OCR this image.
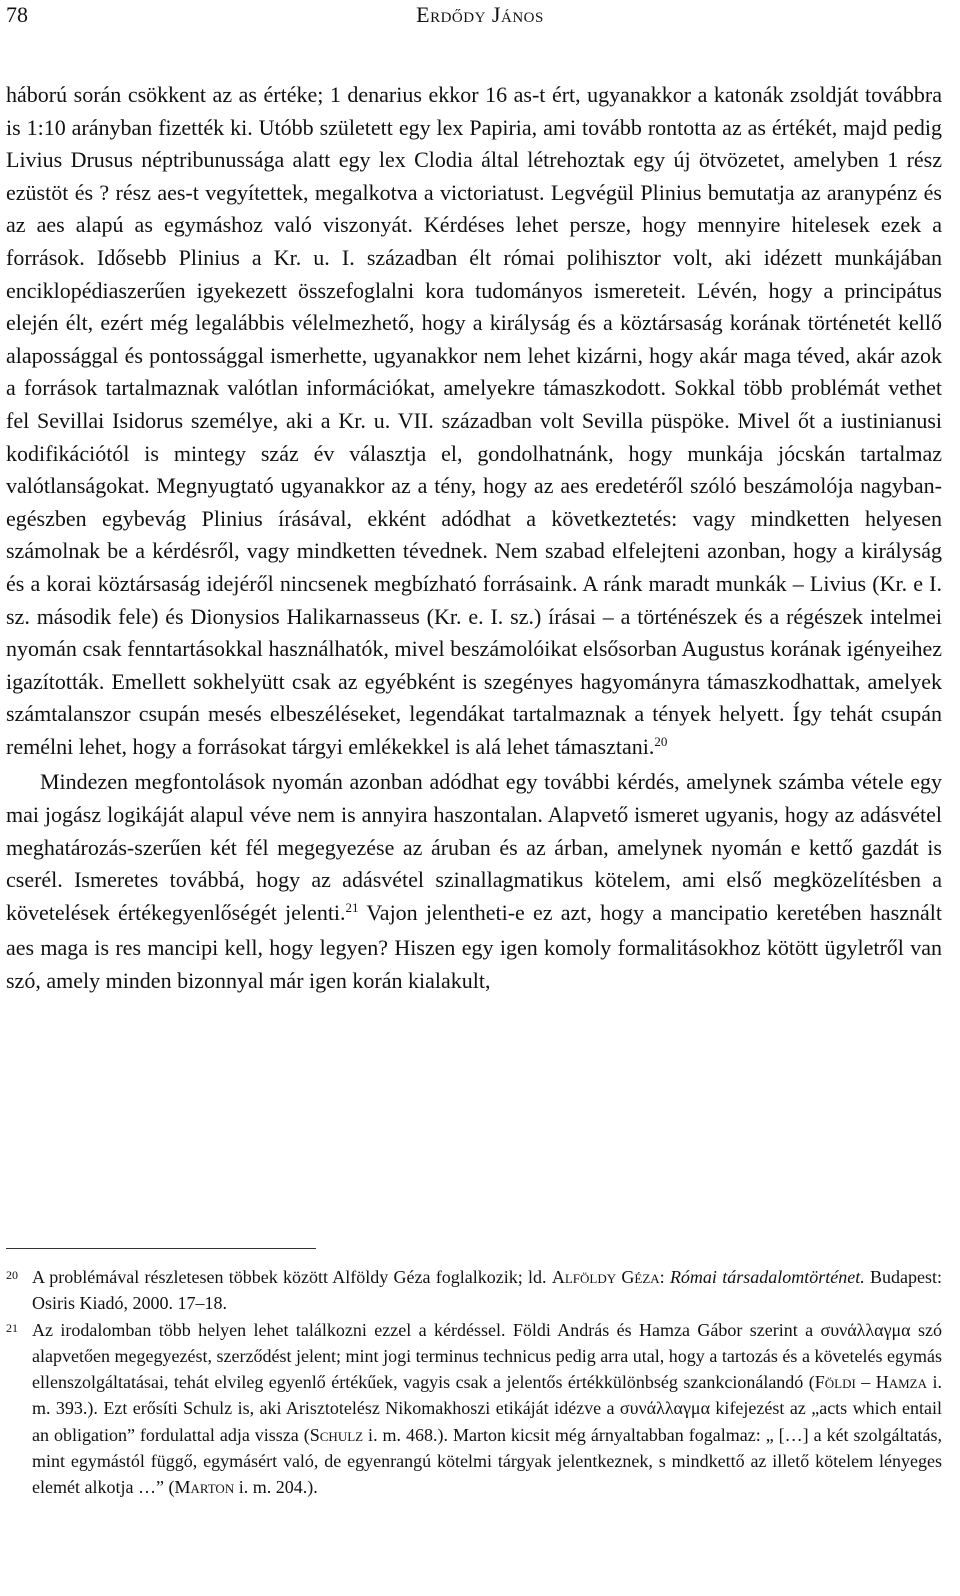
78	Erdődy János

háború során csökkent az as értéke; 1 denarius ekkor 16 as-t ért, ugyanakkor a katonák zsoldját továbbra is 1:10 arányban fizették ki. Utóbb született egy lex Papiria, ami tovább rontotta az as értékét, majd pedig Livius Drusus néptribunussága alatt egy lex Clodia által létrehoztak egy új ötvözetet, amelyben 1 rész ezüstöt és ? rész aes-t vegyítettek, megalkotva a victoriatust. Legvégül Plinius bemutatja az aranypénz és az aes alapú as egymáshoz való viszonyát. Kérdéses lehet persze, hogy mennyire hitelesek ezek a források. Idősebb Plinius a Kr. u. I. században élt római polihisztor volt, aki idézett munkájában enciklopédiaszerűen igyekezett összefoglalni kora tudományos ismereteit. Lévén, hogy a principátus elején élt, ezért még legalábbis vélelmezhető, hogy a királyság és a köztársaság korának történetét kellő alapossággal és pontossággal ismerhette, ugyanakkor nem lehet kizárni, hogy akár maga téved, akár azok a források tartalmaznak valótlan információkat, amelyekre támaszkodott. Sokkal több problémát vethet fel Sevillai Isidorus személye, aki a Kr. u. VII. században volt Sevilla püspöke. Mivel őt a iustinianusi kodifikációtól is mintegy száz év választja el, gondolhatnánk, hogy munkája jócskán tartalmaz valótlanságokat. Megnyugtató ugyanakkor az a tény, hogy az aes eredetéről szóló beszámolója nagyban-egészben egybevág Plinius írásával, ekként adódhat a következtetés: vagy mindketten helyesen számolnak be a kérdésről, vagy mindketten tévednek. Nem szabad elfelejteni azonban, hogy a királyság és a korai köztársaság idejéről nincsenek megbízható forrásaink. A ránk maradt munkák – Livius (Kr. e I. sz. második fele) és Dionysios Halikarnasseus (Kr. e. I. sz.) írásai – a történészek és a régészek intelmei nyomán csak fenntartásokkal használhatók, mivel beszámolóikat elsősorban Augustus korának igényeihez igazították. Emellett sokhelyütt csak az egyébként is szegényes hagyományra támaszkodhattak, amelyek számtalanszor csupán mesés elbeszéléseket, legendákat tartalmaznak a tények helyett. Így tehát csupán remélni lehet, hogy a forrásokat tárgyi emlékekkel is alá lehet támasztani.$^{20}$

Mindezen megfontolások nyomán azonban adódhat egy további kérdés, amelynek számba vétele egy mai jogász logikáját alapul véve nem is annyira haszontalan. Alapvető ismeret ugyanis, hogy az adásvétel meghatározás-szerűen két fél megegyezése az áruban és az árban, amelynek nyomán e kettő gazdát is cserél. Ismeretes továbbá, hogy az adásvétel szinallagmatikus kötelem, ami első megközelítésben a követelések értékegyenlőségét jelenti.$^{21}$ Vajon jelentheti-e ez azt, hogy a mancipatio keretében használt aes maga is res mancipi kell, hogy legyen? Hiszen egy igen komoly formalitásokhoz kötött ügyletről van szó, amely minden bizonnyal már igen korán kialakult,

20 A problémával részletesen többek között Alföldy Géza foglalkozik; ld. Alföldy Géza: Római társadalomtörténet. Budapest: Osiris Kiadó, 2000. 17–18.
21 Az irodalomban több helyen lehet találkozni ezzel a kérdéssel. Földi András és Hamza Gábor szerint a συνάλλαγμα szó alapvetően megegyezést, szerződést jelent; mint jogi terminus technicus pedig arra utal, hogy a tartozás és a követelés egymás ellenszolgáltatásai, tehát elvileg egyenlő értékűek, vagyis csak a jelentős értékkülönbség szankcionálandó (Földi – Hamza i. m. 393.). Ezt erősíti Schulz is, aki Arisztotelész Nikomakhoszi etikáját idézve a συνάλλαγμα kifejezést az „acts which entail an obligation” fordulattal adja vissza (Schulz i. m. 468.). Marton kicsit még árnyaltabban fogalmaz: „ […] a két szolgáltatás, mint egymástól függő, egymásért való, de egyenrangú kötelmi tárgyak jelentkeznek, s mindkettő az illető kötelem lényeges elemét alkotja …” (Marton i. m. 204.).
